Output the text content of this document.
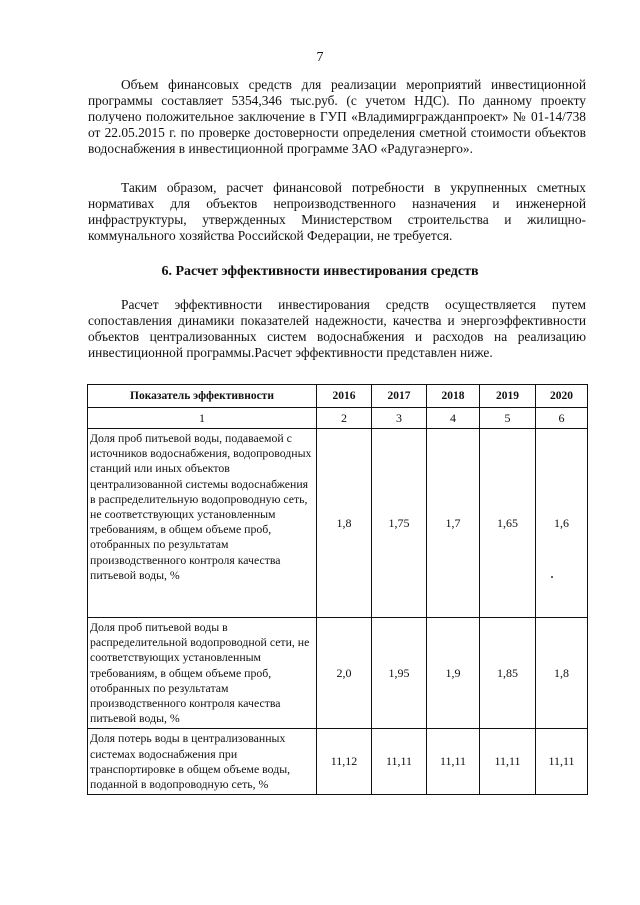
7
Объем финансовых средств для реализации мероприятий инвестиционной программы составляет 5354,346 тыс.руб. (с учетом НДС). По данному проекту получено положительное заключение в ГУП «Владимиргражданпроект» № 01-14/738 от 22.05.2015 г. по проверке достоверности определения сметной стоимости объектов водоснабжения в инвестиционной программе ЗАО «Радугаэнерго».
Таким образом, расчет финансовой потребности в укрупненных сметных нормативах для объектов непроизводственного назначения и инженерной инфраструктуры, утвержденных Министерством строительства и жилищно-коммунального хозяйства Российской Федерации, не требуется.
6. Расчет эффективности инвестирования средств
Расчет эффективности инвестирования средств осуществляется путем сопоставления динамики показателей надежности, качества и энергоэффективности объектов централизованных систем водоснабжения и расходов на реализацию инвестиционной программы.Расчет эффективности представлен ниже.
Показатель эффективности	2016	2017	2018	2019	2020
1	2	3	4	5	6
Доля проб питьевой воды, подаваемой с источников водоснабжения, водопроводных станций или иных объектов централизованной системы водоснабжения в распределительную водопроводную сеть, не соответствующих установленным требованиям, в общем объеме проб, отобранных по результатам производственного контроля качества питьевой воды, %	1,8	1,75	1,7	1,65	1,6
Доля проб питьевой воды в распределительной водопроводной сети, не соответствующих установленным требованиям, в общем объеме проб, отобранных по результатам производственного контроля качества питьевой воды, %	2,0	1,95	1,9	1,85	1,8
Доля потерь воды в централизованных системах водоснабжения при транспортировке в общем объеме воды, поданной в водопроводную сеть, %	11,12	11,11	11,11	11,11	11,11
